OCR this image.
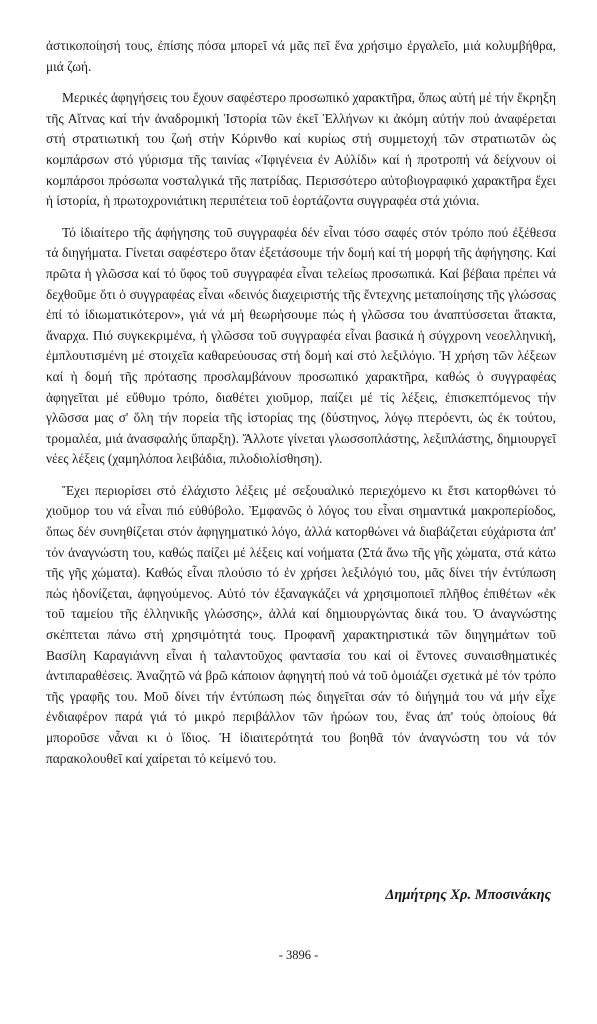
ἀστικοποίησή τους, ἐπίσης πόσα μπορεῖ νά μᾶς πεῖ ἕνα χρήσιμο ἐργαλεῖο, μιά κολυμβήθρα, μιά ζωή.

Μερικές ἀφηγήσεις του ἔχουν σαφέστερο προσωπικό χαρακτῆρα, ὅπως αὐτή μέ τήν ἔκρηξη τῆς Αἴτνας καί τήν ἀναδρομική Ἱστορία τῶν ἐκεῖ Ἑλλήνων κι ἀκόμη αὐτήν πού ἀναφέρεται στή στρατιωτική του ζωή στήν Κόρινθο καί κυρίως στή συμμετοχή τῶν στρατιωτῶν ὡς κομπάρσων στό γύρισμα τῆς ταινίας «Ἰφιγένεια ἐν Αὐλίδι» καί ἡ προτροπή νά δείχνουν οἱ κομπάρσοι πρόσωπα νοσταλγικά τῆς πατρίδας. Περισσότερο αὐτοβιογραφικό χαρακτῆρα ἔχει ἡ ἱστορία, ἡ πρωτοχρονιάτικη περιπέτεια τοῦ ἑορτάζοντα συγγραφέα στά χιόνια.

Τό ἰδιαίτερο τῆς ἀφήγησης τοῦ συγγραφέα δέν εἶναι τόσο σαφές στόν τρόπο πού ἐξέθεσα τά διηγήματα. Γίνεται σαφέστερο ὅταν ἐξετάσουμε τήν δομή καί τή μορφή τῆς ἀφήγησης. Καί πρῶτα ἡ γλῶσσα καί τό ὕφος τοῦ συγγραφέα εἶναι τελείως προσωπικά. Καί βέβαια πρέπει νά δεχθοῦμε ὅτι ὁ συγγραφέας εἶναι «δεινός διαχειριστής τῆς ἔντεχνης μεταποίησης τῆς γλώσσας ἐπί τό ἰδιωματικότερον», γιά νά μή θεωρήσουμε πώς ἡ γλῶσσα του ἀναπτύσσεται ἄτακτα, ἄναρχα. Πιό συγκεκριμένα, ἡ γλῶσσα τοῦ συγγραφέα εἶναι βασικά ἡ σύγχρονη νεοελληνική, ἐμπλουτισμένη μέ στοιχεῖα καθαρεύουσας στή δομή καί στό λεξιλόγιο. Ἡ χρήση τῶν λέξεων καί ἡ δομή τῆς πρότασης προσλαμβάνουν προσωπικό χαρακτῆρα, καθώς ὁ συγγραφέας ἀφηγεῖται μέ εὔθυμο τρόπο, διαθέτει χιοῦμορ, παίζει μέ τίς λέξεις, ἐπισκεπτόμενος τήν γλῶσσα μας σ' ὅλη τήν πορεία τῆς ἱστορίας της (δύστηνος, λόγῳ πτερόεντι, ὡς ἐκ τούτου, τρομαλέα, μιά ἀνασφαλής ὕπαρξη). Ἄλλοτε γίνεται γλωσσοπλάστης, λεξιπλάστης, δημιουργεῖ νέες λέξεις (χαμηλόποα λειβάδια, πιλοδιολίσθηση).

Ἔχει περιορίσει στό ἐλάχιστο λέξεις μέ σεξουαλικό περιεχόμενο κι ἔτσι κατορθώνει τό χιοῦμορ του νά εἶναι πιό εὐθύβολο. Ἐμφανῶς ὁ λόγος του εἶναι σημαντικά μακροπερίοδος, ὅπως δέν συνηθίζεται στόν ἀφηγηματικό λόγο, ἀλλά κατορθώνει νά διαβάζεται εὐχάριστα ἀπ' τόν ἀναγνώστη του, καθώς παίζει μέ λέξεις καί νοήματα (Στά ἄνω τῆς γῆς χώματα, στά κάτω τῆς γῆς χώματα). Καθώς εἶναι πλούσιο τό ἐν χρήσει λεξιλόγιό του, μᾶς δίνει τήν ἐντύπωση πώς ἡδονίζεται, ἀφηγούμενος. Αὐτό τόν ἐξαναγκάζει νά χρησιμοποιεῖ πλῆθος ἐπιθέτων «ἐκ τοῦ ταμείου τῆς ἑλληνικῆς γλώσσης», ἀλλά καί δημιουργώντας δικά του. Ὁ ἀναγνώστης σκέπτεται πάνω στή χρησιμότητά τους. Προφανῆ χαρακτηριστικά τῶν διηγημάτων τοῦ Βασίλη Καραγιάννη εἶναι ἡ ταλαντοῦχος φαντασία του καί οἱ ἔντονες συναισθηματικές ἀντιπαραθέσεις. Ἀναζητῶ νά βρῶ κάποιον ἀφηγητή πού νά τοῦ ὁμοιάζει σχετικά μέ τόν τρόπο τῆς γραφῆς του. Μοῦ δίνει τήν ἐντύπωση πώς διηγεῖται σάν τό διήγημά του νά μήν εἶχε ἐνδιαφέρον παρά γιά τό μικρό περιβάλλον τῶν ἡρώων του, ἕνας ἀπ' τούς ὁποίους θά μποροῦσε νἆναι κι ὁ ἴδιος. Ἡ ἰδιαιτερότητά του βοηθᾶ τόν ἀναγνώστη του νά τόν παρακολουθεῖ καί χαίρεται τό κείμενό του.

Δημήτρης Χρ. Μποσινάκης
- 3896 -
